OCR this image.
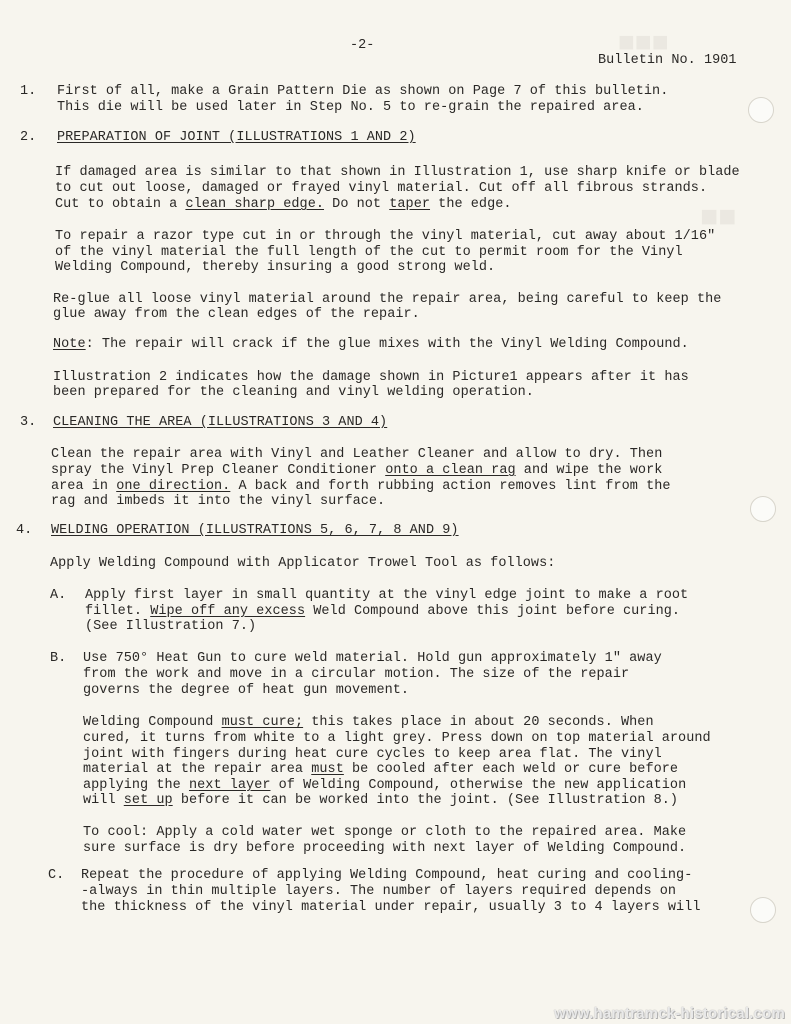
■■■
■■
-2-
Bulletin No. 1901
1. First of all, make a Grain Pattern Die as shown on Page 7 of this bulletin.
This die will be used later in Step No. 5 to re-grain the repaired area.
2. PREPARATION OF JOINT (ILLUSTRATIONS 1 AND 2)
If damaged area is similar to that shown in Illustration 1, use sharp knife or blade
to cut out loose, damaged or frayed vinyl material. Cut off all fibrous strands.
Cut to obtain a clean sharp edge. Do not taper the edge.
To repair a razor type cut in or through the vinyl material, cut away about 1/16"
of the vinyl material the full length of the cut to permit room for the Vinyl
Welding Compound, thereby insuring a good strong weld.
Re-glue all loose vinyl material around the repair area, being careful to keep the
glue away from the clean edges of the repair.
Note: The repair will crack if the glue mixes with the Vinyl Welding Compound.
Illustration 2 indicates how the damage shown in Picture1 appears after it has
been prepared for the cleaning and vinyl welding operation.
3. CLEANING THE AREA (ILLUSTRATIONS 3 AND 4)
Clean the repair area with Vinyl and Leather Cleaner and allow to dry. Then
spray the Vinyl Prep Cleaner Conditioner onto a clean rag and wipe the work
area in one direction. A back and forth rubbing action removes lint from the
rag and imbeds it into the vinyl surface.
4. WELDING OPERATION (ILLUSTRATIONS 5, 6, 7, 8 AND 9)
Apply Welding Compound with Applicator Trowel Tool as follows:
A. Apply first layer in small quantity at the vinyl edge joint to make a root
fillet. Wipe off any excess Weld Compound above this joint before curing.
(See Illustration 7.)
B. Use 750° Heat Gun to cure weld material. Hold gun approximately 1" away
from the work and move in a circular motion. The size of the repair
governs the degree of heat gun movement.
Welding Compound must cure; this takes place in about 20 seconds. When
cured, it turns from white to a light grey. Press down on top material around
joint with fingers during heat cure cycles to keep area flat. The vinyl
material at the repair area must be cooled after each weld or cure before
applying the next layer of Welding Compound, otherwise the new application
will set up before it can be worked into the joint. (See Illustration 8.)
To cool: Apply a cold water wet sponge or cloth to the repaired area. Make
sure surface is dry before proceeding with next layer of Welding Compound.
C. Repeat the procedure of applying Welding Compound, heat curing and cooling-
-always in thin multiple layers. The number of layers required depends on
the thickness of the vinyl material under repair, usually 3 to 4 layers will
www.hamtramck-historical.com
